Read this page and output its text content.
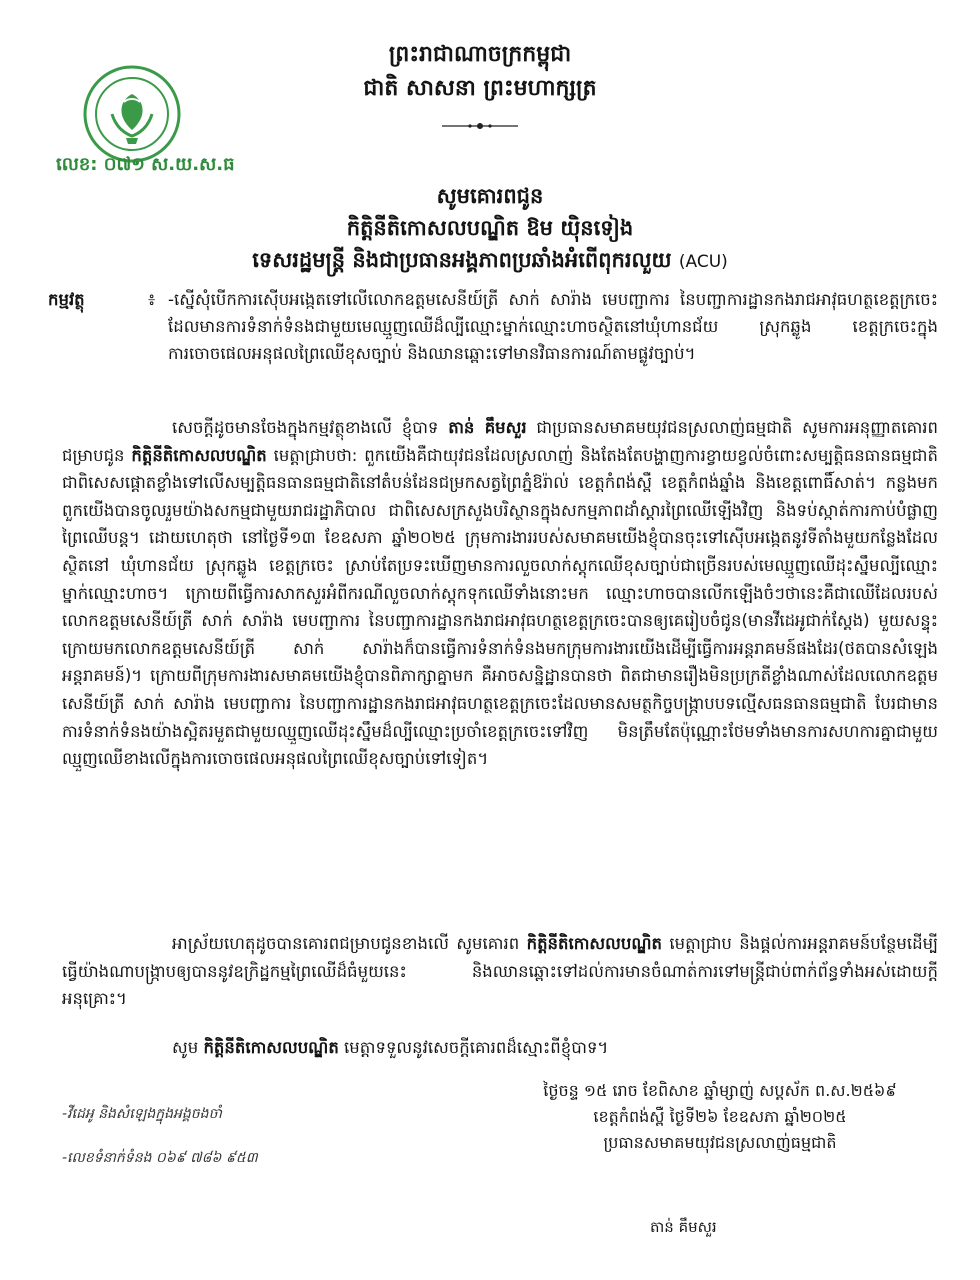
លេខ: ០៧១ ស.យ.ស.ធ
ព្រះរាជាណាចក្រកម្ពុជា
ជាតិ សាសនា ព្រះមហាក្សត្រ
សូមគោរពជូន
កិត្តិនីតិកោសលបណ្ឌិត ឱម យ៉ិនទៀង
ទេសរដ្ឋមន្ត្រី និងជាប្រធានអង្គភាពប្រឆាំងអំពើពុករលួយ (ACU)
កម្មវត្ថុ	៖ -ស្នើសុំបើកការស៊ើបអង្កេតទៅលើលោកឧត្តមសេនីយ៍ត្រី សាក់ សារ៉ាង មេបញ្ជាការ នៃបញ្ជាការដ្ឋានកងរាជអាវុធហត្ថខេត្តក្រចេះដែលមានការទំនាក់ទំនងជាមួយមេឈ្មួញឈើដ៏ល្បីឈ្មោះម្នាក់ឈ្មោះហាចស្ថិតនៅឃុំហានជ័យ ស្រុកឆ្លូង ខេត្តក្រចេះក្នុងការចោចផេលអនុផលព្រៃឈើខុសច្បាប់ និងឈានឆ្ពោះទៅមានវិធានការណ៍តាមផ្លូវច្បាប់។

សេចក្តីដូចមានចែងក្នុងកម្មវត្ថុខាងលើ ខ្ញុំបាទ តាន់ គឹមសួរ ជាប្រធានសមាគមយុវជនស្រលាញ់ធម្មជាតិ សូមការអនុញ្ញាតគោរពជម្រាបជូន កិត្តិនីតិកោសលបណ្ឌិត មេត្តាជ្រាបថា: ពួកយើងគឺជាយុវជនដែលស្រលាញ់ និងតែងតែបង្ហាញការខ្វាយខ្វល់ចំពោះសម្បត្តិធនធានធម្មជាតិ ជាពិសេសផ្តោតខ្លាំងទៅលើសម្បត្តិធនធានធម្មជាតិនៅតំបន់ដែនជម្រកសត្វព្រៃភ្នំឱរ៉ាល់ ខេត្តកំពង់ស្ពឺ ខេត្តកំពង់ឆ្នាំង និងខេត្តពោធិ៍សាត់។ កន្លងមក ពួកយើងបានចូលរួមយ៉ាងសកម្មជាមួយរាជរដ្ឋាភិបាល ជាពិសេសក្រសួងបរិស្ថានក្នុងសកម្មភាពដាំស្តារព្រៃឈើឡើងវិញ និងទប់ស្កាត់ការកាប់បំផ្លាញព្រៃឈើបន្ត។ ដោយហេតុថា នៅថ្ងៃទី១៣ ខែឧសភា ឆ្នាំ២០២៥ ក្រុមការងាររបស់សមាគមយើងខ្ញុំបានចុះទៅស៊ើបអង្កេតនូវទីតាំងមួយកន្លែងដែលស្ថិតនៅ ឃុំហានជ័យ ស្រុកឆ្លូង ខេត្តក្រចេះ ស្រាប់តែប្រទះឃើញមានការលួចលាក់ស្តុកឈើខុសច្បាប់ជាច្រើនរបស់មេឈ្មួញឈើដុះស្នឹមល្បីឈ្មោះម្នាក់ឈ្មោះហាច។ ក្រោយពីធ្វើការសាកសួរអំពីករណីលួចលាក់ស្តុកទុកឈើទាំងនោះមក ឈ្មោះហាចបានលើកឡើងចំៗថានេះគឺជាឈើដែលរបស់លោកឧត្តមសេនីយ៍ត្រី សាក់ សារ៉ាង មេបញ្ជាការ នៃបញ្ជាការដ្ឋានកងរាជអាវុធហត្ថខេត្តក្រចេះបានឲ្យគេរៀបចំជូន(មានវីដេអូជាក់ស្តែង) មួយសន្ទុះក្រោយមកលោកឧត្តមសេនីយ៍ត្រី សាក់ សារ៉ាងក៏បានធ្វើការទំនាក់ទំនងមកក្រុមការងារយើងដើម្បីធ្វើការអន្តរាគមន៍ផងដែរ(ថតបានសំឡេងអន្តរាគមន៍)។ ក្រោយពីក្រុមការងារសមាគមយើងខ្ញុំបានពិភាក្សាគ្នាមក គឺអាចសន្និដ្ឋានបានថា ពិតជាមានរឿងមិនប្រក្រតីខ្លាំងណាស់ដែលលោកឧត្តមសេនីយ៍ត្រី សាក់ សារ៉ាង មេបញ្ជាការ នៃបញ្ជាការដ្ឋានកងរាជអាវុធហត្ថខេត្តក្រចេះដែលមានសមត្ថកិច្ចបង្ក្រាបបទល្មើសធនធានធម្មជាតិ បែរជាមានការទំនាក់ទំនងយ៉ាងស្អិតរមួតជាមួយឈ្មួញឈើដុះស្នឹមដ៏ល្បីឈ្មោះប្រចាំខេត្តក្រចេះទៅវិញ មិនត្រឹមតែប៉ុណ្ណោះថែមទាំងមានការសហការគ្នាជាមួយឈ្មួញឈើខាងលើក្នុងការចោចផេលអនុផលព្រៃឈើខុសច្បាប់ទៅទៀត។

អាស្រ័យហេតុដូចបានគោរពជម្រាបជូនខាងលើ សូមគោរព កិត្តិនីតិកោសលបណ្ឌិត មេត្តាជ្រាប និងផ្តល់ការអន្តរាគមន៍បន្ថែមដើម្បីធ្វើយ៉ាងណាបង្ក្រាបឲ្យបាននូវឧក្រិដ្ឋកម្មព្រៃឈើដ៏ធំមួយនេះ និងឈានឆ្ពោះទៅដល់ការមានចំណាត់ការទៅមន្ត្រីជាប់ពាក់ព័ន្ធទាំងអស់ដោយក្តីអនុគ្រោះ។

សូម កិត្តិនីតិកោសលបណ្ឌិត មេត្តាទទួលនូវសេចក្តីគោរពដ៏ស្មោះពីខ្ញុំបាទ។

ថ្ងៃចន្ទ ១៥ រោច ខែពិសាខ ឆ្នាំម្សាញ់ សប្តស័ក ព.ស.២៥៦៩
ខេត្តកំពង់ស្ពឺ ថ្ងៃទី២៦ ខែឧសភា ឆ្នាំ២០២៥
ប្រធានសមាគមយុវជនស្រលាញ់ធម្មជាតិ
-វីដេអូ និងសំឡេងក្នុងអង្គចងចាំ
-លេខទំនាក់ទំនង ០៦៩ ៧៨៦ ៩៥៣
តាន់ គឹមសួរ
